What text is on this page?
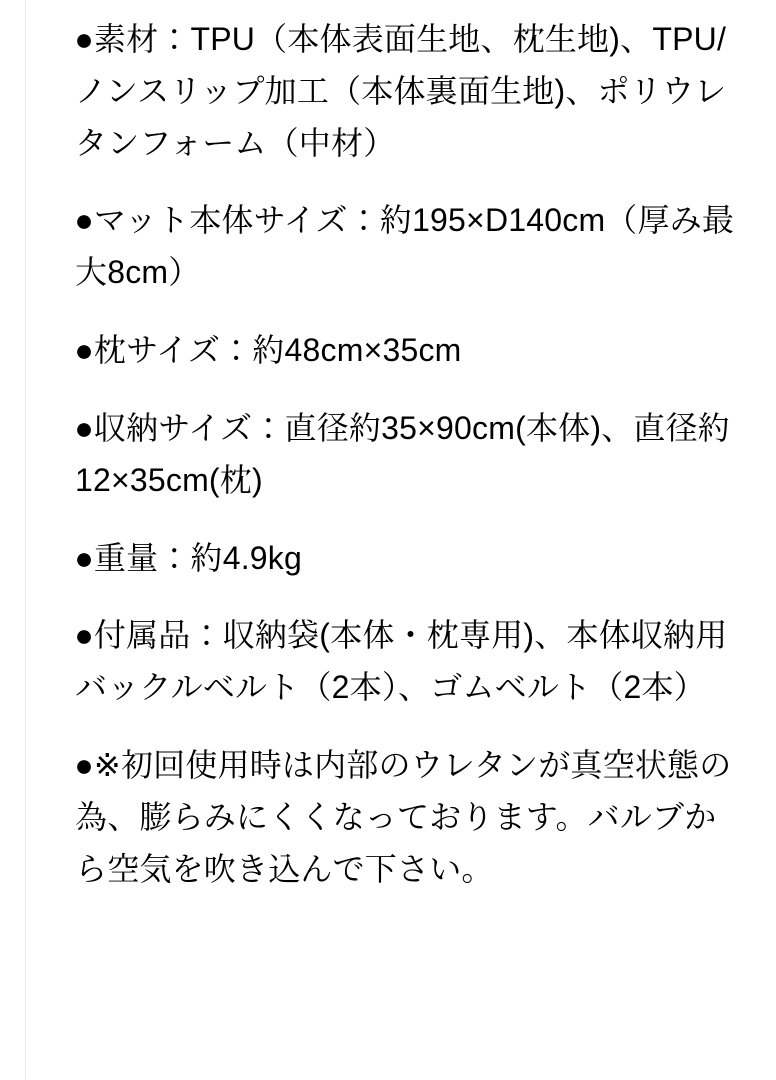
●素材：TPU（本体表面生地、枕生地)、TPU/ノンスリップ加工（本体裏面生地)、ポリウレタンフォーム（中材）

●マット本体サイズ：約195×D140cm（厚み最大8cm）

●枕サイズ：約48cm×35cm

●収納サイズ：直径約35×90cm(本体)、直径約12×35cm(枕)

●重量：約4.9kg

●付属品：収納袋(本体・枕専用)、本体収納用バックルベルト（2本）、ゴムベルト（2本）

●※初回使用時は内部のウレタンが真空状態の為、膨らみにくくなっております。バルブから空気を吹き込んで下さい。
